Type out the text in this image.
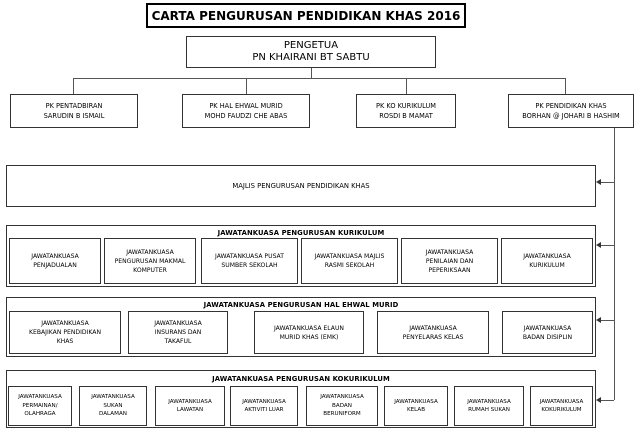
CARTA PENGURUSAN PENDIDIKAN KHAS 2016
PENGETUA
PN KHAIRANI BT SABTU
PK PENTADBIRAN
SARUDIN B ISMAIL
PK HAL EHWAL MURID
MOHD FAUDZI CHE ABAS
PK KO KURIKULUM
ROSDI B MAMAT
PK PENDIDIKAN KHAS
BORHAN @ JOHARI B HASHIM
MAJLIS PENGURUSAN PENDIDIKAN KHAS
JAWATANKUASA PENGURUSAN KURIKULUM
JAWATANKUASA
PENJADUALAN
JAWATANKUASA
PENGURUSAN MAKMAL
KOMPUTER
JAWATANKUASA PUSAT
SUMBER SEKOLAH
JAWATANKUASA MAJLIS
RASMI SEKOLAH
JAWATANKUASA
PENILAIAN DAN
PEPERIKSAAN
JAWATANKUASA
KURIKULUM
JAWATANKUASA PENGURUSAN HAL EHWAL MURID
JAWATANKUASA
KEBAJIKAN PENDIDIKAN
KHAS
JAWATANKUASA
INSURANS DAN
TAKAFUL
JAWATANKUASA ELAUN
MURID KHAS (EMK)
JAWATANKUASA
PENYELARAS KELAS
JAWATANKUASA
BADAN DISIPLIN
JAWATANKUASA PENGURUSAN KOKURIKULUM
JAWATANKUASA
PERMAINAN/
OLAHRAGA
JAWATANKUASA
SUKAN
DALAMAN
JAWATANKUASA
LAWATAN
JAWATANKUASA
AKTIVITI LUAR
JAWATANKUASA
BADAN
BERUNIFORM
JAWATANKUASA
KELAB
JAWATANKUASA
RUMAH SUKAN
JAWATANKUASA
KOKURIKULUM
